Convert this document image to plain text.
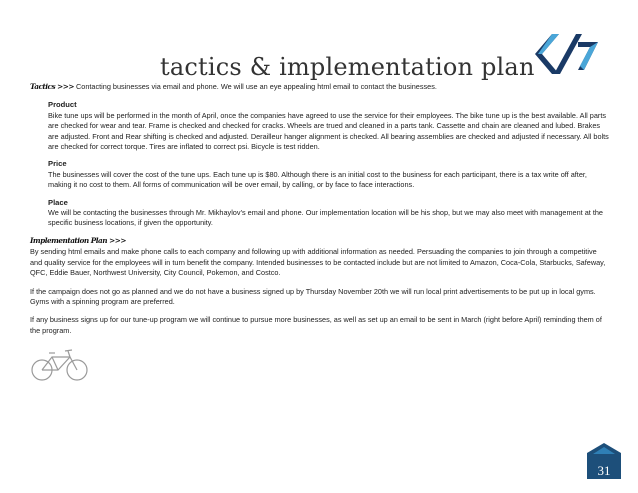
tactics & implementation plan

Tactics >>> Contacting businesses via email and phone. We will use an eye appealing html email to contact the businesses.

Product

Bike tune ups will be performed in the month of April, once the companies have agreed to use the service for their employees. The bike tune up is the best available. All parts are checked for wear and tear. Frame is checked and checked for cracks. Wheels are trued and cleaned in a parts tank. Cassette and chain are cleaned and lubed. Brakes are adjusted. Front and Rear shifting is checked and adjusted. Derailleur hanger alignment is checked. All bearing assemblies are checked and adjusted if necessary. All bolts are checked for correct torque. Tires are inflated to correct psi. Bicycle is test ridden.

Price

The businesses will cover the cost of the tune ups. Each tune up is $80. Although there is an initial cost to the business for each participant, there is a tax write off after, making it no cost to them. All forms of communication will be over email, by calling, or by face to face interactions.

Place

We will be contacting the businesses through Mr. Mikhaylov’s email and phone. Our implementation location will be his shop, but we may also meet with management at the specific business locations, if given the opportunity.

Implementation Plan >>>

By sending html emails and make phone calls to each company and following up with additional information as needed. Persuading the companies to join through a competitive and quality service for the employees will in turn benefit the company. Intended businesses to be contacted include but are not limited to Amazon, Coca-Cola, Starbucks, Safeway, QFC, Eddie Bauer, Northwest University, City Council, Pokemon, and Costco.

If the campaign does not go as planned and we do not have a business signed up by Thursday November 20th we will run local print advertisements to be put up in local gyms. Gyms with a spinning program are preferred.

If any business signs up for our tune-up program we will continue to pursue more businesses, as well as set up an email to be sent in March (right before April) reminding them of the program.

31
